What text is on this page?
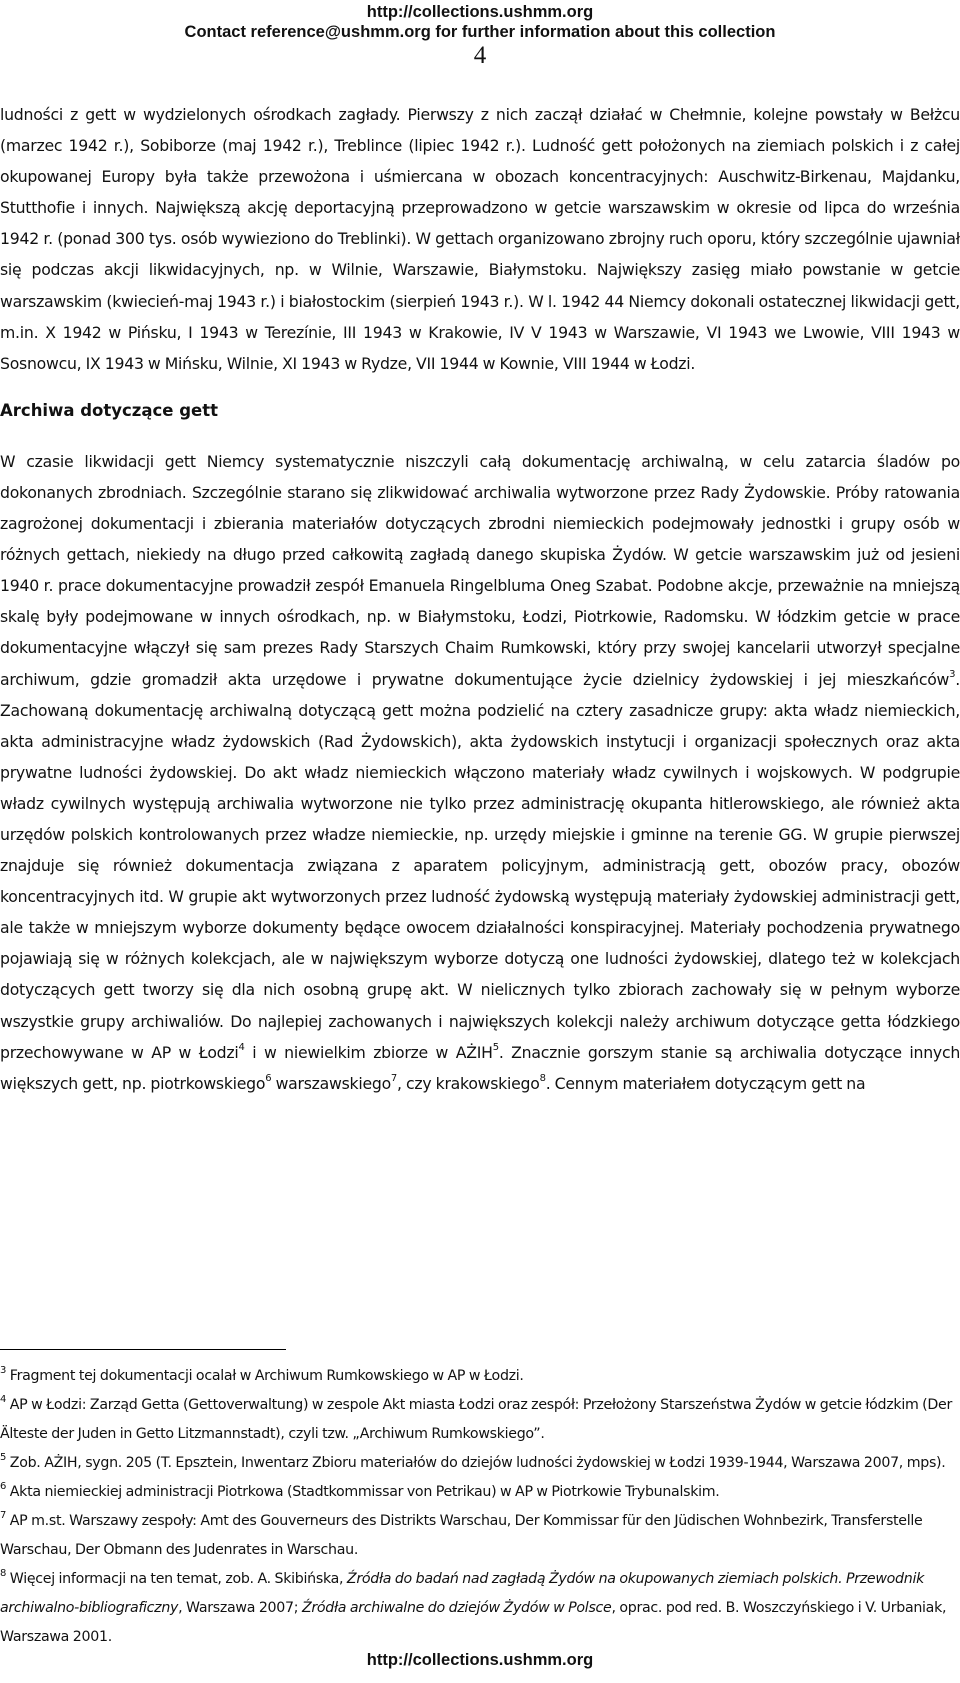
http://collections.ushmm.org
Contact reference@ushmm.org for further information about this collection
4

ludności z gett w wydzielonych ośrodkach zagłady. Pierwszy z nich zaczął działać w Chełmnie, kolejne powstały w Bełżcu (marzec 1942 r.), Sobiborze (maj 1942 r.), Treblince (lipiec 1942 r.). Ludność gett położonych na ziemiach polskich i z całej okupowanej Europy była także przewożona i uśmiercana w obozach koncentracyjnych: Auschwitz-Birkenau, Majdanku, Stutthofie i innych. Największą akcję deportacyjną przeprowadzono w getcie warszawskim w okresie od lipca do września 1942 r. (ponad 300 tys. osób wywieziono do Treblinki). W gettach organizowano zbrojny ruch oporu, który szczególnie ujawniał się podczas akcji likwidacyjnych, np. w Wilnie, Warszawie, Białymstoku. Największy zasięg miało powstanie w getcie warszawskim (kwiecień-maj 1943 r.) i białostockim (sierpień 1943 r.). W l. 1942 44 Niemcy dokonali ostatecznej likwidacji gett, m.in. X 1942 w Pińsku, I 1943 w Terezínie, III 1943 w Krakowie, IV V 1943 w Warszawie, VI 1943 we Lwowie, VIII 1943 w Sosnowcu, IX 1943 w Mińsku, Wilnie, XI 1943 w Rydze, VII 1944 w Kownie, VIII 1944 w Łodzi.

Archiwa dotyczące gett

W czasie likwidacji gett Niemcy systematycznie niszczyli całą dokumentację archiwalną, w celu zatarcia śladów po dokonanych zbrodniach. Szczególnie starano się zlikwidować archiwalia wytworzone przez Rady Żydowskie. Próby ratowania zagrożonej dokumentacji i zbierania materiałów dotyczących zbrodni niemieckich podejmowały jednostki i grupy osób w różnych gettach, niekiedy na długo przed całkowitą zagładą danego skupiska Żydów. W getcie warszawskim już od jesieni 1940 r. prace dokumentacyjne prowadził zespół Emanuela Ringelbluma Oneg Szabat. Podobne akcje, przeważnie na mniejszą skalę były podejmowane w innych ośrodkach, np. w Białymstoku, Łodzi, Piotrkowie, Radomsku. W łódzkim getcie w prace dokumentacyjne włączył się sam prezes Rady Starszych Chaim Rumkowski, który przy swojej kancelarii utworzył specjalne archiwum, gdzie gromadził akta urzędowe i prywatne dokumentujące życie dzielnicy żydowskiej i jej mieszkańców$^3$. Zachowaną dokumentację archiwalną dotyczącą gett można podzielić na cztery zasadnicze grupy: akta władz niemieckich, akta administracyjne władz żydowskich (Rad Żydowskich), akta żydowskich instytucji i organizacji społecznych oraz akta prywatne ludności żydowskiej. Do akt władz niemieckich włączono materiały władz cywilnych i wojskowych. W podgrupie władz cywilnych występują archiwalia wytworzone nie tylko przez administrację okupanta hitlerowskiego, ale również akta urzędów polskich kontrolowanych przez władze niemieckie, np. urzędy miejskie i gminne na terenie GG. W grupie pierwszej znajduje się również dokumentacja związana z aparatem policyjnym, administracją gett, obozów pracy, obozów koncentracyjnych itd. W grupie akt wytworzonych przez ludność żydowską występują materiały żydowskiej administracji gett, ale także w mniejszym wyborze dokumenty będące owocem działalności konspiracyjnej. Materiały pochodzenia prywatnego pojawiają się w różnych kolekcjach, ale w największym wyborze dotyczą one ludności żydowskiej, dlatego też w kolekcjach dotyczących gett tworzy się dla nich osobną grupę akt. W nielicznych tylko zbiorach zachowały się w pełnym wyborze wszystkie grupy archiwaliów. Do najlepiej zachowanych i największych kolekcji należy archiwum dotyczące getta łódzkiego przechowywane w AP w Łodzi$^4$ i w niewielkim zbiorze w AŻIH$^5$. Znacznie gorszym stanie są archiwalia dotyczące innych większych gett, np. piotrkowskiego$^6$ warszawskiego$^7$, czy krakowskiego$^8$. Cennym materiałem dotyczącym gett na

$^3$ Fragment tej dokumentacji ocalał w Archiwum Rumkowskiego w AP w Łodzi.

$^4$ AP w Łodzi: Zarząd Getta (Gettoverwaltung) w zespole Akt miasta Łodzi oraz zespół: Przełożony Starszeństwa Żydów w getcie łódzkim (Der Älteste der Juden in Getto Litzmannstadt), czyli tzw. „Archiwum Rumkowskiego”.

$^5$ Zob. AŻIH, sygn. 205 (T. Epsztein, Inwentarz Zbioru materiałów do dziejów ludności żydowskiej w Łodzi 1939-1944, Warszawa 2007, mps).

$^6$ Akta niemieckiej administracji Piotrkowa (Stadtkommissar von Petrikau) w AP w Piotrkowie Trybunalskim.

$^7$ AP m.st. Warszawy zespoły: Amt des Gouverneurs des Distrikts Warschau, Der Kommissar für den Jüdischen Wohnbezirk, Transferstelle Warschau, Der Obmann des Judenrates in Warschau.

$^8$ Więcej informacji na ten temat, zob. A. Skibińska, Źródła do badań nad zagładą Żydów na okupowanych ziemiach polskich. Przewodnik archiwalno-bibliograficzny, Warszawa 2007; Źródła archiwalne do dziejów Żydów w Polsce, oprac. pod red. B. Woszczyńskiego i V. Urbaniak, Warszawa 2001.

http://collections.ushmm.org
